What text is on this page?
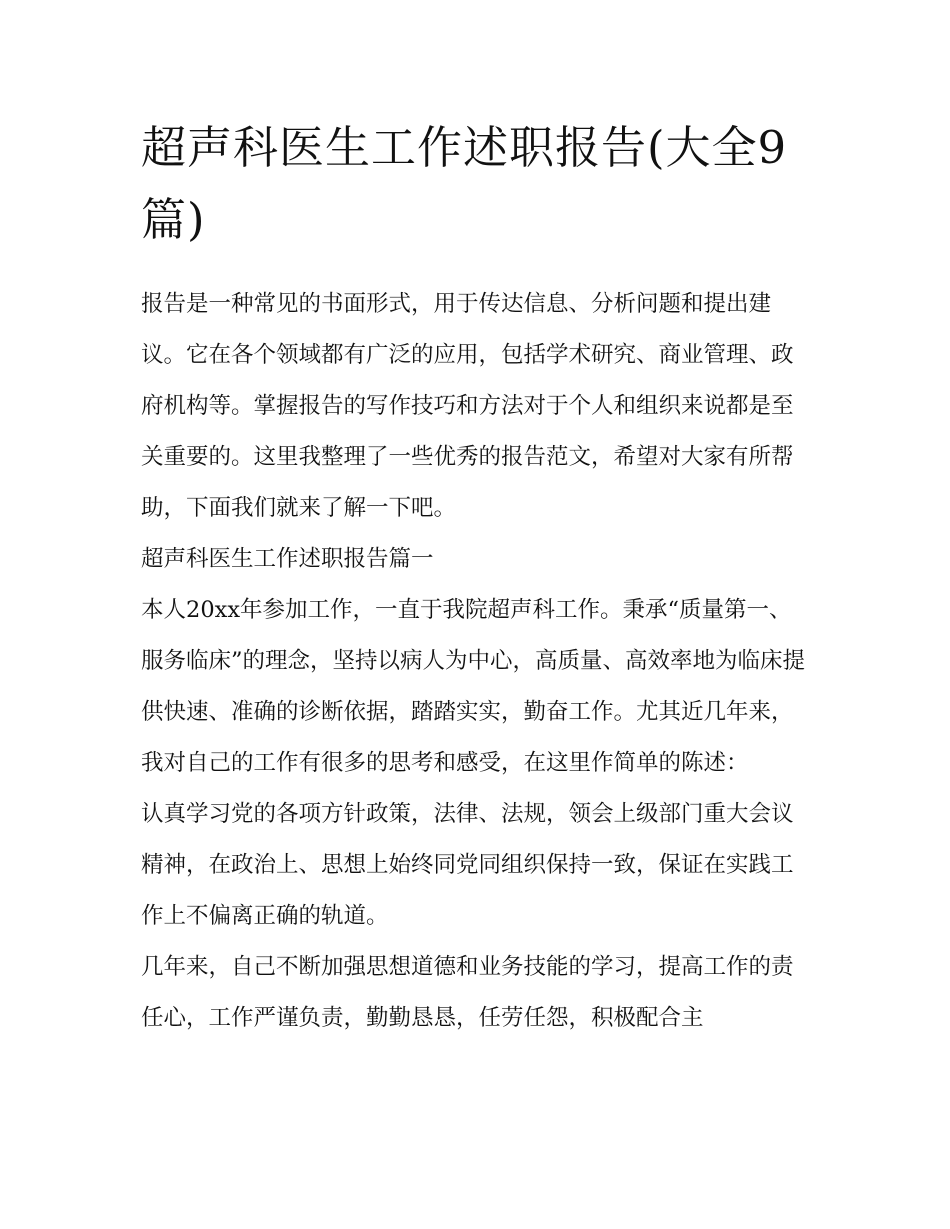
超声科医生工作述职报告(大全9篇)

报告是一种常见的书面形式，用于传达信息、分析问题和提出建议。它在各个领域都有广泛的应用，包括学术研究、商业管理、政府机构等。掌握报告的写作技巧和方法对于个人和组织来说都是至关重要的。这里我整理了一些优秀的报告范文，希望对大家有所帮助，下面我们就来了解一下吧。

超声科医生工作述职报告篇一

本人20xx年参加工作，一直于我院超声科工作。秉承“质量第一、服务临床”的理念，坚持以病人为中心，高质量、高效率地为临床提供快速、准确的诊断依据，踏踏实实，勤奋工作。尤其近几年来，我对自己的工作有很多的思考和感受，在这里作简单的陈述：

认真学习党的各项方针政策，法律、法规，领会上级部门重大会议精神，在政治上、思想上始终同党同组织保持一致，保证在实践工作上不偏离正确的轨道。

几年来，自己不断加强思想道德和业务技能的学习，提高工作的责任心，工作严谨负责，勤勤恳恳，任劳任怨，积极配合主
